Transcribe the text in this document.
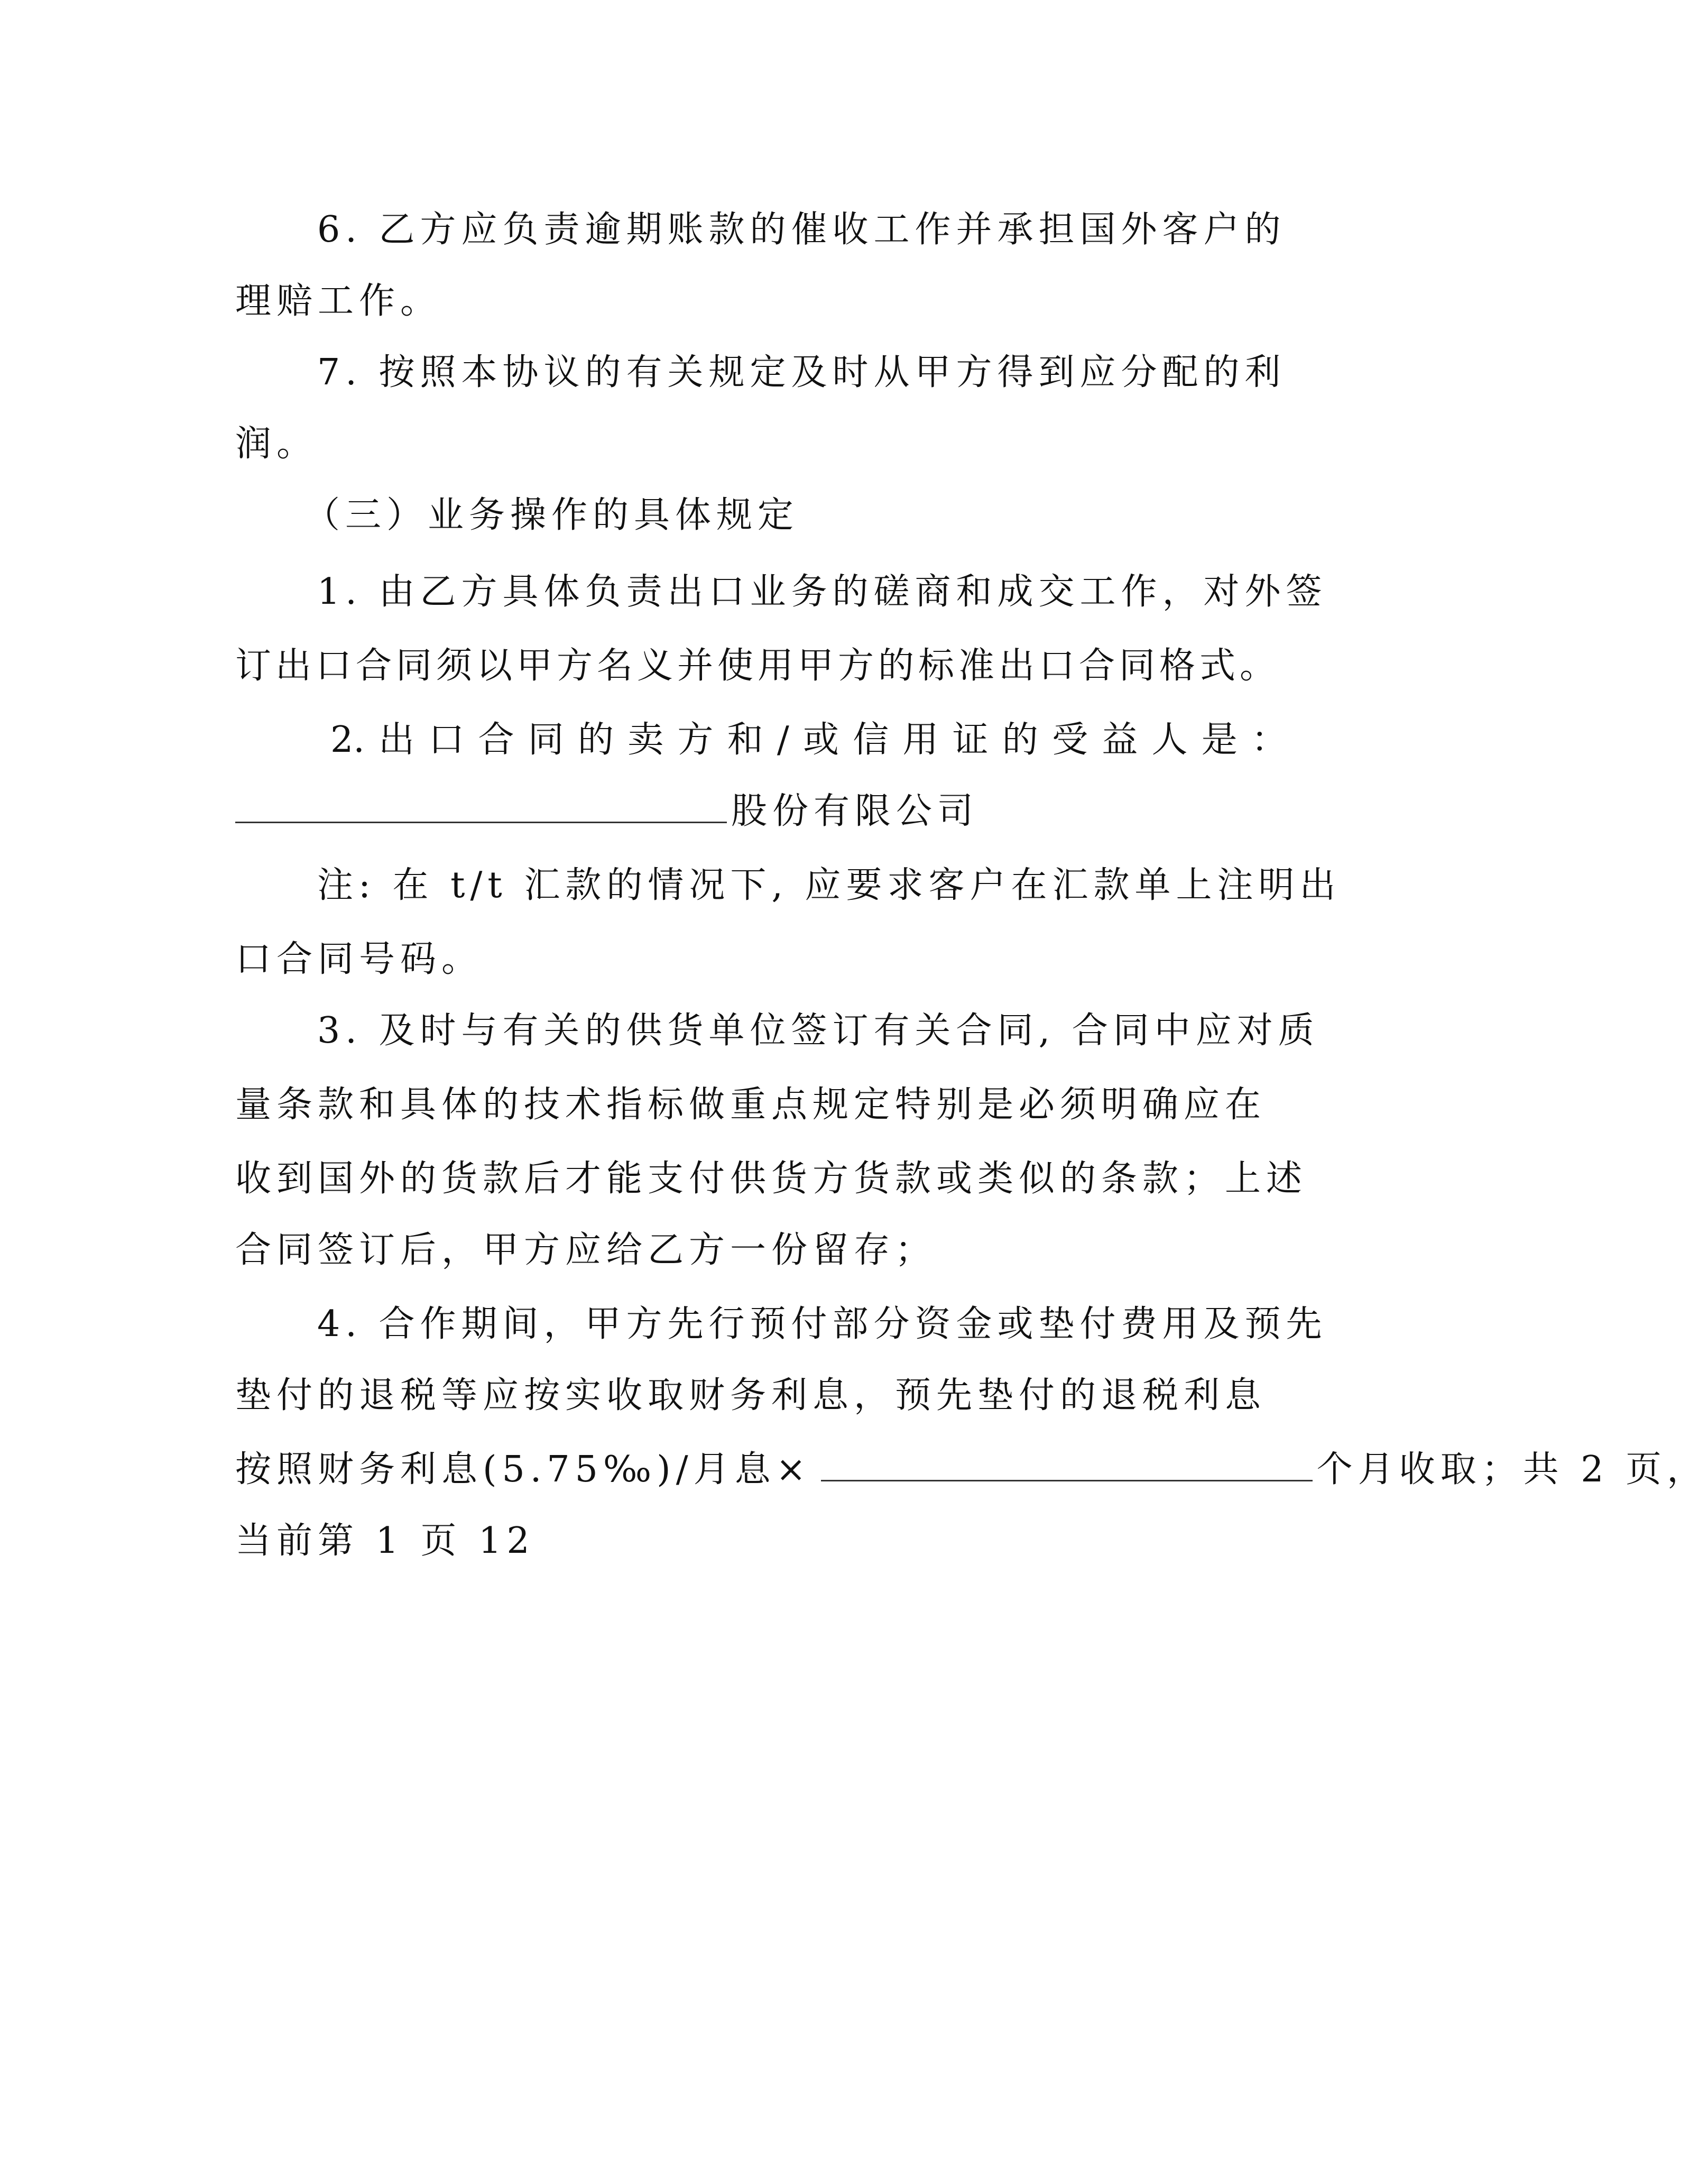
6. 乙方应负责逾期账款的催收工作并承担国外客户的
理赔工作。
7. 按照本协议的有关规定及时从甲方得到应分配的利
润。
（三）业务操作的具体规定
1. 由乙方具体负责出口业务的磋商和成交工作，对外签
订出口合同须以甲方名义并使用甲方的标准出口合同格式。
2. 出 口 合 同 的 卖 方 和 / 或 信 用 证 的 受 益 人 是 ：
股份有限公司
注: 在 t/t 汇款的情况下, 应要求客户在汇款单上注明出
口合同号码。
3. 及时与有关的供货单位签订有关合同, 合同中应对质
量条款和具体的技术指标做重点规定特别是必须明确应在
收到国外的货款后才能支付供货方货款或类似的条款；上述
合同签订后，甲方应给乙方一份留存；
4. 合作期间，甲方先行预付部分资金或垫付费用及预先
垫付的退税等应按实收取财务利息，预先垫付的退税利息
按照财务利息(5.75‰)/月息×	个月收取；共 2 页，
当前第 1 页 12
